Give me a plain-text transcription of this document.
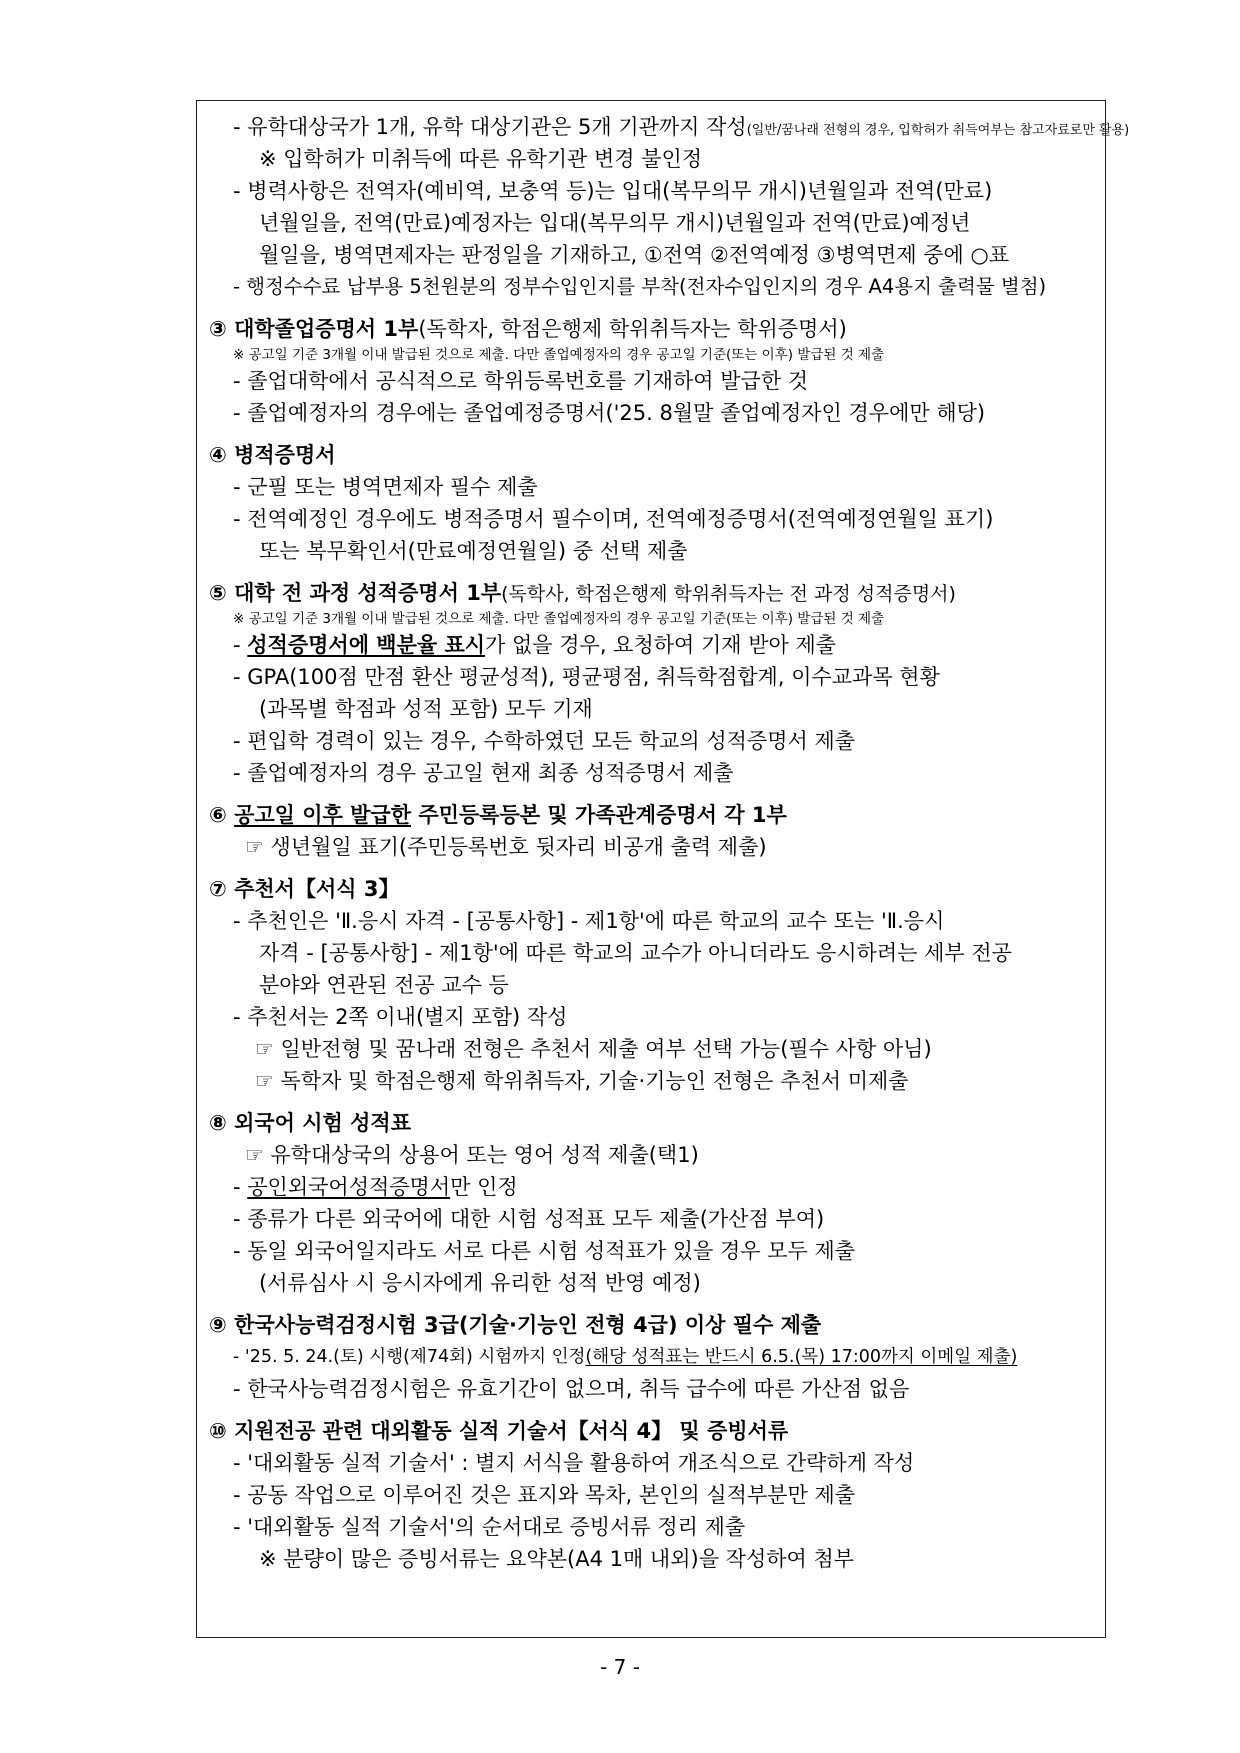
- 유학대상국가 1개, 유학 대상기관은 5개 기관까지 작성(일반/꿈나래 전형의 경우, 입학허가 취득여부는 참고자료로만 활용)
※ 입학허가 미취득에 따른 유학기관 변경 불인정
- 병력사항은 전역자(예비역, 보충역 등)는 입대(복무의무 개시)년월일과 전역(만료)
년월일을, 전역(만료)예정자는 입대(복무의무 개시)년월일과 전역(만료)예정년
월일을, 병역면제자는 판정일을 기재하고, ①전역 ②전역예정 ③병역면제 중에 ○표
- 행정수수료 납부용 5천원분의 정부수입인지를 부착(전자수입인지의 경우 A4용지 출력물 별첨)
③ 대학졸업증명서 1부(독학자, 학점은행제 학위취득자는 학위증명서)
※ 공고일 기준 3개월 이내 발급된 것으로 제출. 다만 졸업예정자의 경우 공고일 기준(또는 이후) 발급된 것 제출
- 졸업대학에서 공식적으로 학위등록번호를 기재하여 발급한 것
- 졸업예정자의 경우에는 졸업예정증명서('25. 8월말 졸업예정자인 경우에만 해당)
④ 병적증명서
- 군필 또는 병역면제자 필수 제출
- 전역예정인 경우에도 병적증명서 필수이며, 전역예정증명서(전역예정연월일 표기)
또는 복무확인서(만료예정연월일) 중 선택 제출
⑤ 대학 전 과정 성적증명서 1부(독학사, 학점은행제 학위취득자는 전 과정 성적증명서)
※ 공고일 기준 3개월 이내 발급된 것으로 제출. 다만 졸업예정자의 경우 공고일 기준(또는 이후) 발급된 것 제출
- 성적증명서에 백분율 표시가 없을 경우, 요청하여 기재 받아 제출
- GPA(100점 만점 환산 평균성적), 평균평점, 취득학점합계, 이수교과목 현황
(과목별 학점과 성적 포함) 모두 기재
- 편입학 경력이 있는 경우, 수학하였던 모든 학교의 성적증명서 제출
- 졸업예정자의 경우 공고일 현재 최종 성적증명서 제출
⑥ 공고일 이후 발급한 주민등록등본 및 가족관계증명서 각 1부
☞ 생년월일 표기(주민등록번호 뒷자리 비공개 출력 제출)
⑦ 추천서【서식 3】
- 추천인은 'Ⅱ.응시 자격 - [공통사항] - 제1항'에 따른 학교의 교수 또는 'Ⅱ.응시
자격 - [공통사항] - 제1항'에 따른 학교의 교수가 아니더라도 응시하려는 세부 전공
분야와 연관된 전공 교수 등
- 추천서는 2쪽 이내(별지 포함) 작성
☞ 일반전형 및 꿈나래 전형은 추천서 제출 여부 선택 가능(필수 사항 아님)
☞ 독학자 및 학점은행제 학위취득자, 기술·기능인 전형은 추천서 미제출
⑧ 외국어 시험 성적표
☞ 유학대상국의 상용어 또는 영어 성적 제출(택1)
- 공인외국어성적증명서만 인정
- 종류가 다른 외국어에 대한 시험 성적표 모두 제출(가산점 부여)
- 동일 외국어일지라도 서로 다른 시험 성적표가 있을 경우 모두 제출
(서류심사 시 응시자에게 유리한 성적 반영 예정)
⑨ 한국사능력검정시험 3급(기술·기능인 전형 4급) 이상 필수 제출
- '25. 5. 24.(토) 시행(제74회) 시험까지 인정(해당 성적표는 반드시 6.5.(목) 17:00까지 이메일 제출)
- 한국사능력검정시험은 유효기간이 없으며, 취득 급수에 따른 가산점 없음
⑩ 지원전공 관련 대외활동 실적 기술서【서식 4】 및 증빙서류
- '대외활동 실적 기술서' : 별지 서식을 활용하여 개조식으로 간략하게 작성
- 공동 작업으로 이루어진 것은 표지와 목차, 본인의 실적부분만 제출
- '대외활동 실적 기술서'의 순서대로 증빙서류 정리 제출
※ 분량이 많은 증빙서류는 요약본(A4 1매 내외)을 작성하여 첨부
- 7 -
